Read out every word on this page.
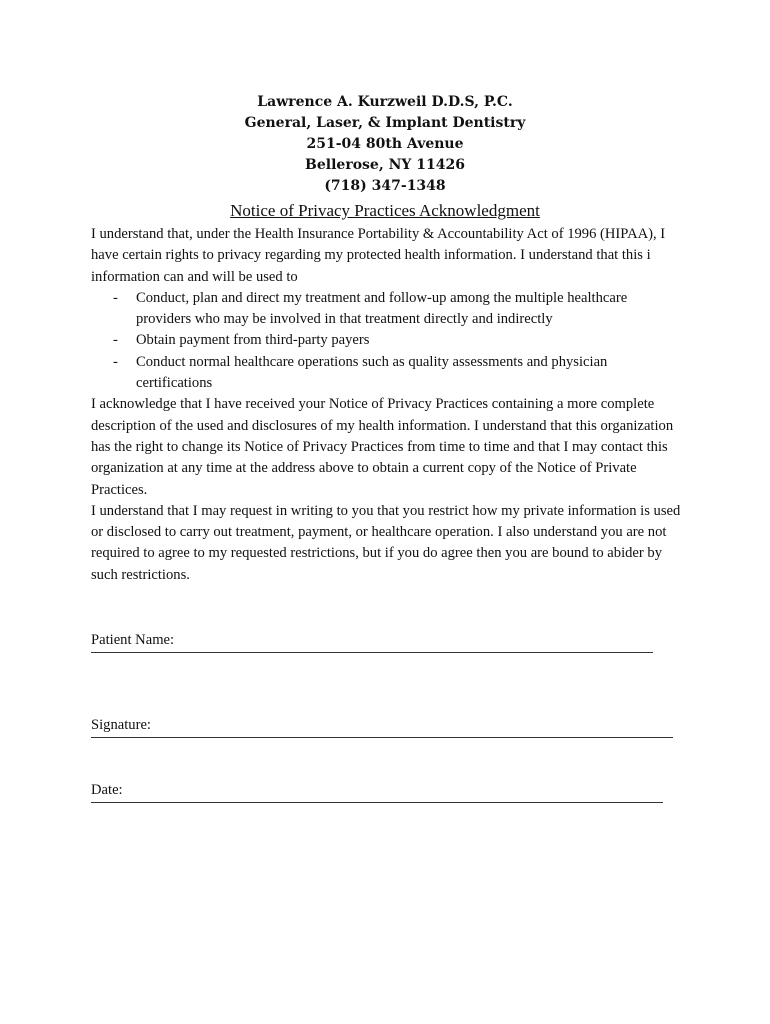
Lawrence A. Kurzweil D.D.S, P.C.
General, Laser, & Implant Dentistry
251-04 80th Avenue
Bellerose, NY 11426
(718) 347-1348
Notice of Privacy Practices Acknowledgment

I understand that, under the Health Insurance Portability & Accountability Act of 1996 (HIPAA), I have certain rights to privacy regarding my protected health information. I understand that this i information can and will be used to

- Conduct, plan and direct my treatment and follow-up among the multiple healthcare providers who may be involved in that treatment directly and indirectly
- Obtain payment from third-party payers
- Conduct normal healthcare operations such as quality assessments and physician certifications

I acknowledge that I have received your Notice of Privacy Practices containing a more complete description of the used and disclosures of my health information. I understand that this organization has the right to change its Notice of Privacy Practices from time to time and that I may contact this organization at any time at the address above to obtain a current copy of the Notice of Private Practices.

I understand that I may request in writing to you that you restrict how my private information is used or disclosed to carry out treatment, payment, or healthcare operation. I also understand you are not required to agree to my requested restrictions, but if you do agree then you are bound to abider by such restrictions.

Patient Name:
Signature:
Date:
